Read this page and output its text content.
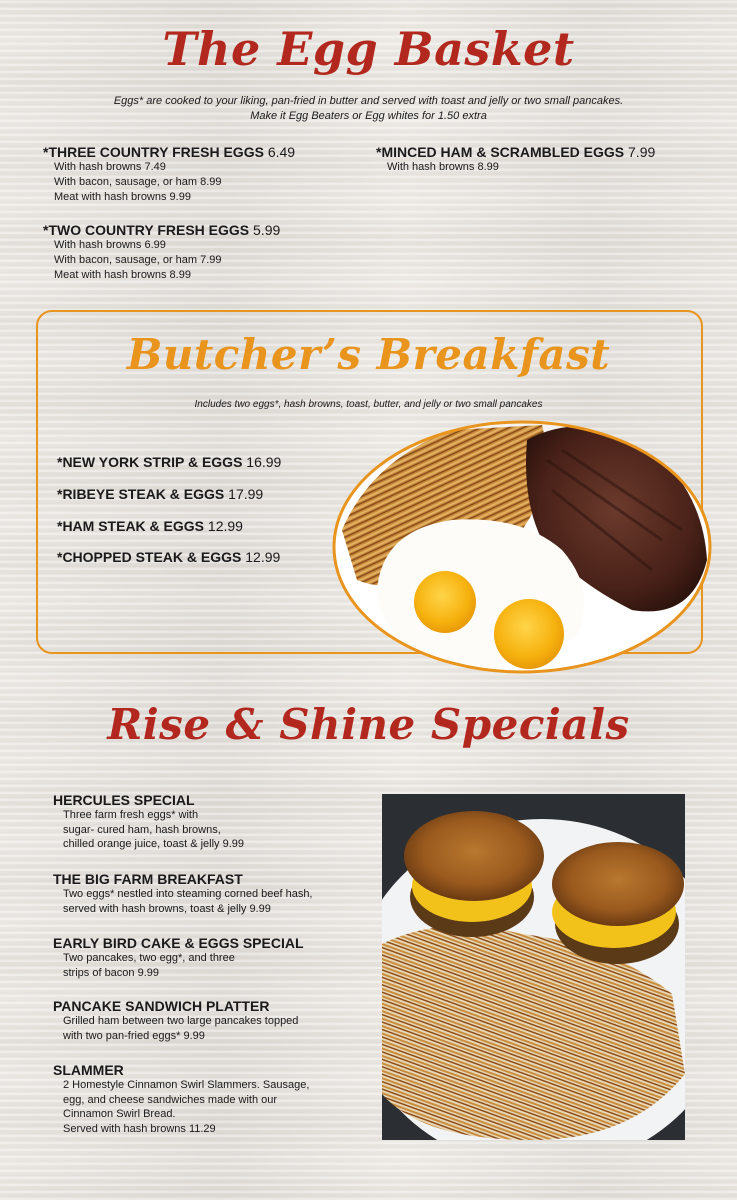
The Egg Basket
Eggs* are cooked to your liking, pan-fried in butter and served with toast and jelly or two small pancakes.
Make it Egg Beaters or Egg whites for 1.50 extra
*THREE COUNTRY FRESH EGGS 6.49
With hash browns 7.49
With bacon, sausage, or ham 8.99
Meat with hash browns 9.99
*TWO COUNTRY FRESH EGGS 5.99
With hash browns 6.99
With bacon, sausage, or ham 7.99
Meat with hash browns 8.99
*MINCED HAM & SCRAMBLED EGGS 7.99
With hash browns 8.99
Butcher’s Breakfast
Includes two eggs*, hash browns, toast, butter, and jelly or two small pancakes
*NEW YORK STRIP & EGGS 16.99
*RIBEYE STEAK & EGGS 17.99
*HAM STEAK & EGGS 12.99
*CHOPPED STEAK & EGGS 12.99
Rise & Shine Specials
HERCULES SPECIAL
Three farm fresh eggs* with
sugar- cured ham, hash browns,
chilled orange juice, toast & jelly 9.99
THE BIG FARM BREAKFAST
Two eggs* nestled into steaming corned beef hash,
served with hash browns, toast & jelly 9.99
EARLY BIRD CAKE & EGGS SPECIAL
Two pancakes, two egg*, and three
strips of bacon 9.99
PANCAKE SANDWICH PLATTER
Grilled ham between two large pancakes topped
with two pan-fried eggs* 9.99
SLAMMER
2 Homestyle Cinnamon Swirl Slammers. Sausage,
egg, and cheese sandwiches made with our
Cinnamon Swirl Bread.
Served with hash browns 11.29
